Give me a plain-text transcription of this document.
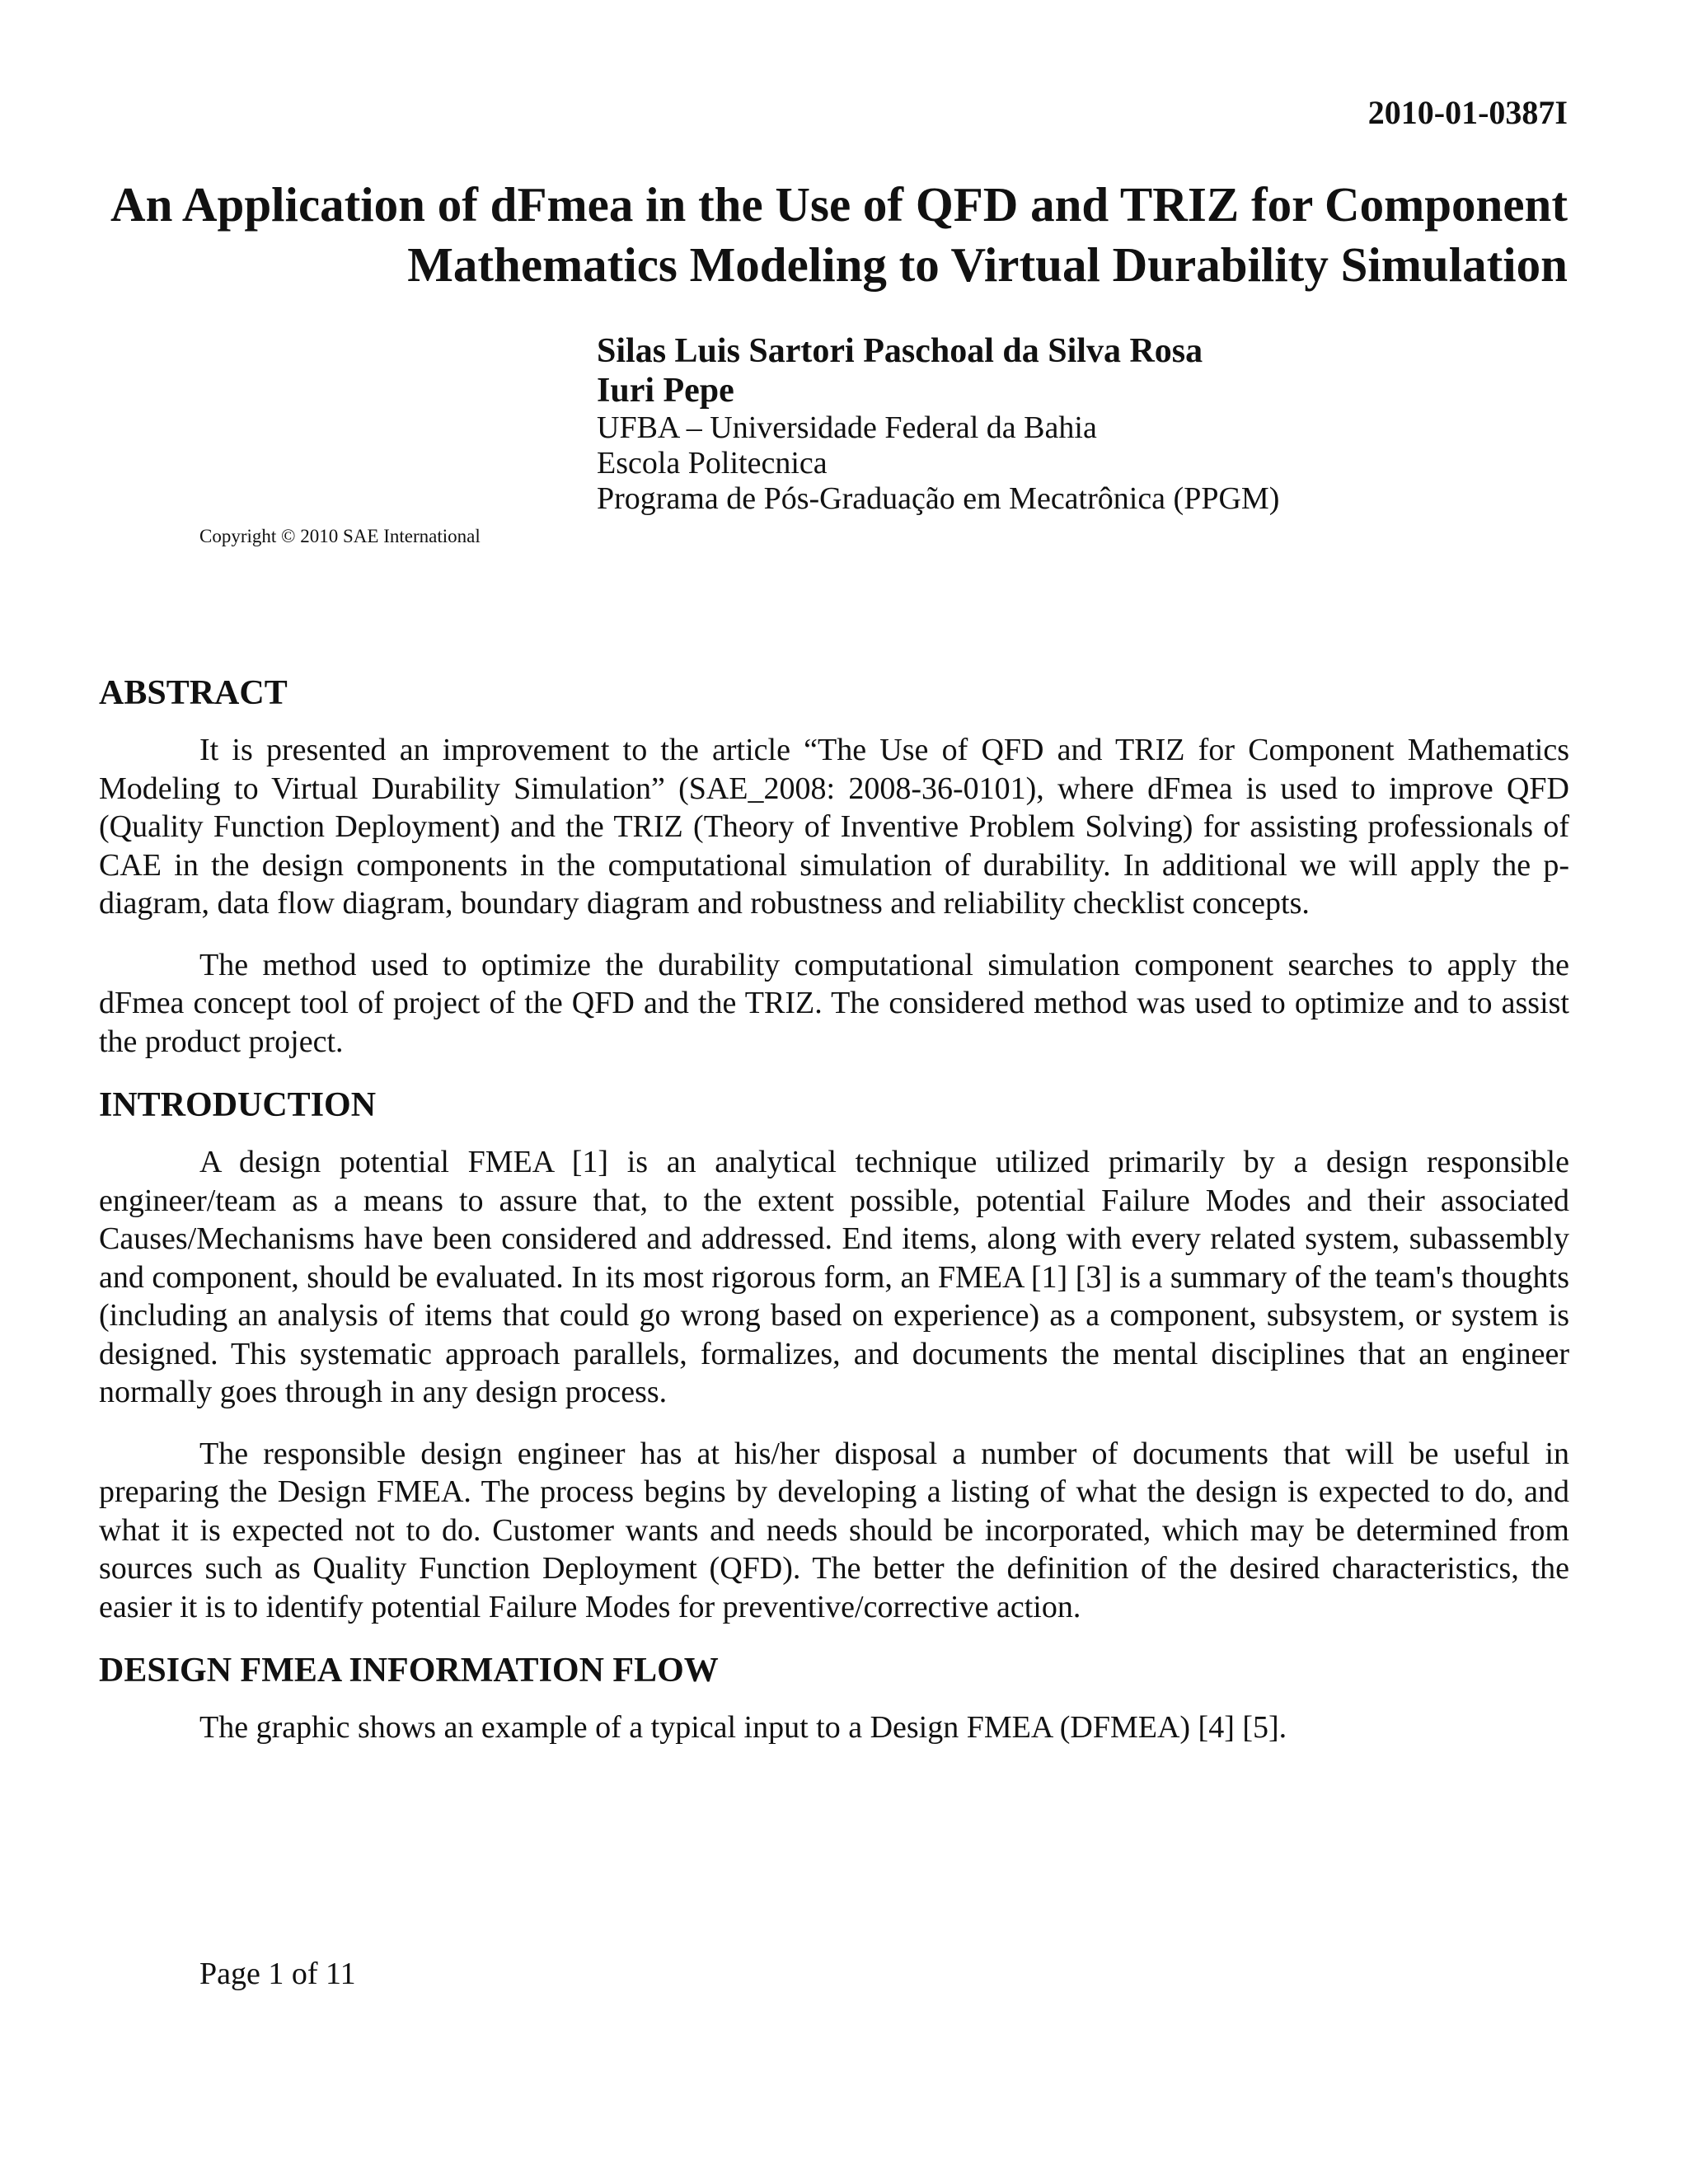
2010-01-0387I

An Application of dFmea in the Use of QFD and TRIZ for Component Mathematics Modeling to Virtual Durability Simulation

Silas Luis Sartori Paschoal da Silva Rosa

Iuri Pepe

UFBA – Universidade Federal da Bahia

Escola Politecnica

Programa de Pós-Graduação em Mecatrônica (PPGM)

Copyright © 2010 SAE International

ABSTRACT

It is presented an improvement to the article “The Use of QFD and TRIZ for Component Mathematics Modeling to Virtual Durability Simulation” (SAE_2008: 2008-36-0101), where dFmea is used to improve QFD (Quality Function Deployment) and the TRIZ (Theory of Inventive Problem Solving) for assisting professionals of CAE in the design components in the computational simulation of durability. In additional we will apply the p-diagram, data flow diagram, boundary diagram and robustness and reliability checklist concepts.

The method used to optimize the durability computational simulation component searches to apply the dFmea concept tool of project of the QFD and the TRIZ. The considered method was used to optimize and to assist the product project.

INTRODUCTION

A design potential FMEA [1] is an analytical technique utilized primarily by a design responsible engineer/team as a means to assure that, to the extent possible, potential Failure Modes and their associated Causes/Mechanisms have been considered and addressed. End items, along with every related system, subassembly and component, should be evaluated. In its most rigorous form, an FMEA [1] [3] is a summary of the team's thoughts (including an analysis of items that could go wrong based on experience) as a component, subsystem, or system is designed. This systematic approach parallels, formalizes, and documents the mental disciplines that an engineer normally goes through in any design process.

The responsible design engineer has at his/her disposal a number of documents that will be useful in preparing the Design FMEA. The process begins by developing a listing of what the design is expected to do, and what it is expected not to do. Customer wants and needs should be incorporated, which may be determined from sources such as Quality Function Deployment (QFD). The better the definition of the desired characteristics, the easier it is to identify potential Failure Modes for preventive/corrective action.

DESIGN FMEA INFORMATION FLOW

The graphic shows an example of a typical input to a Design FMEA (DFMEA) [4] [5].

Page 1 of 11
